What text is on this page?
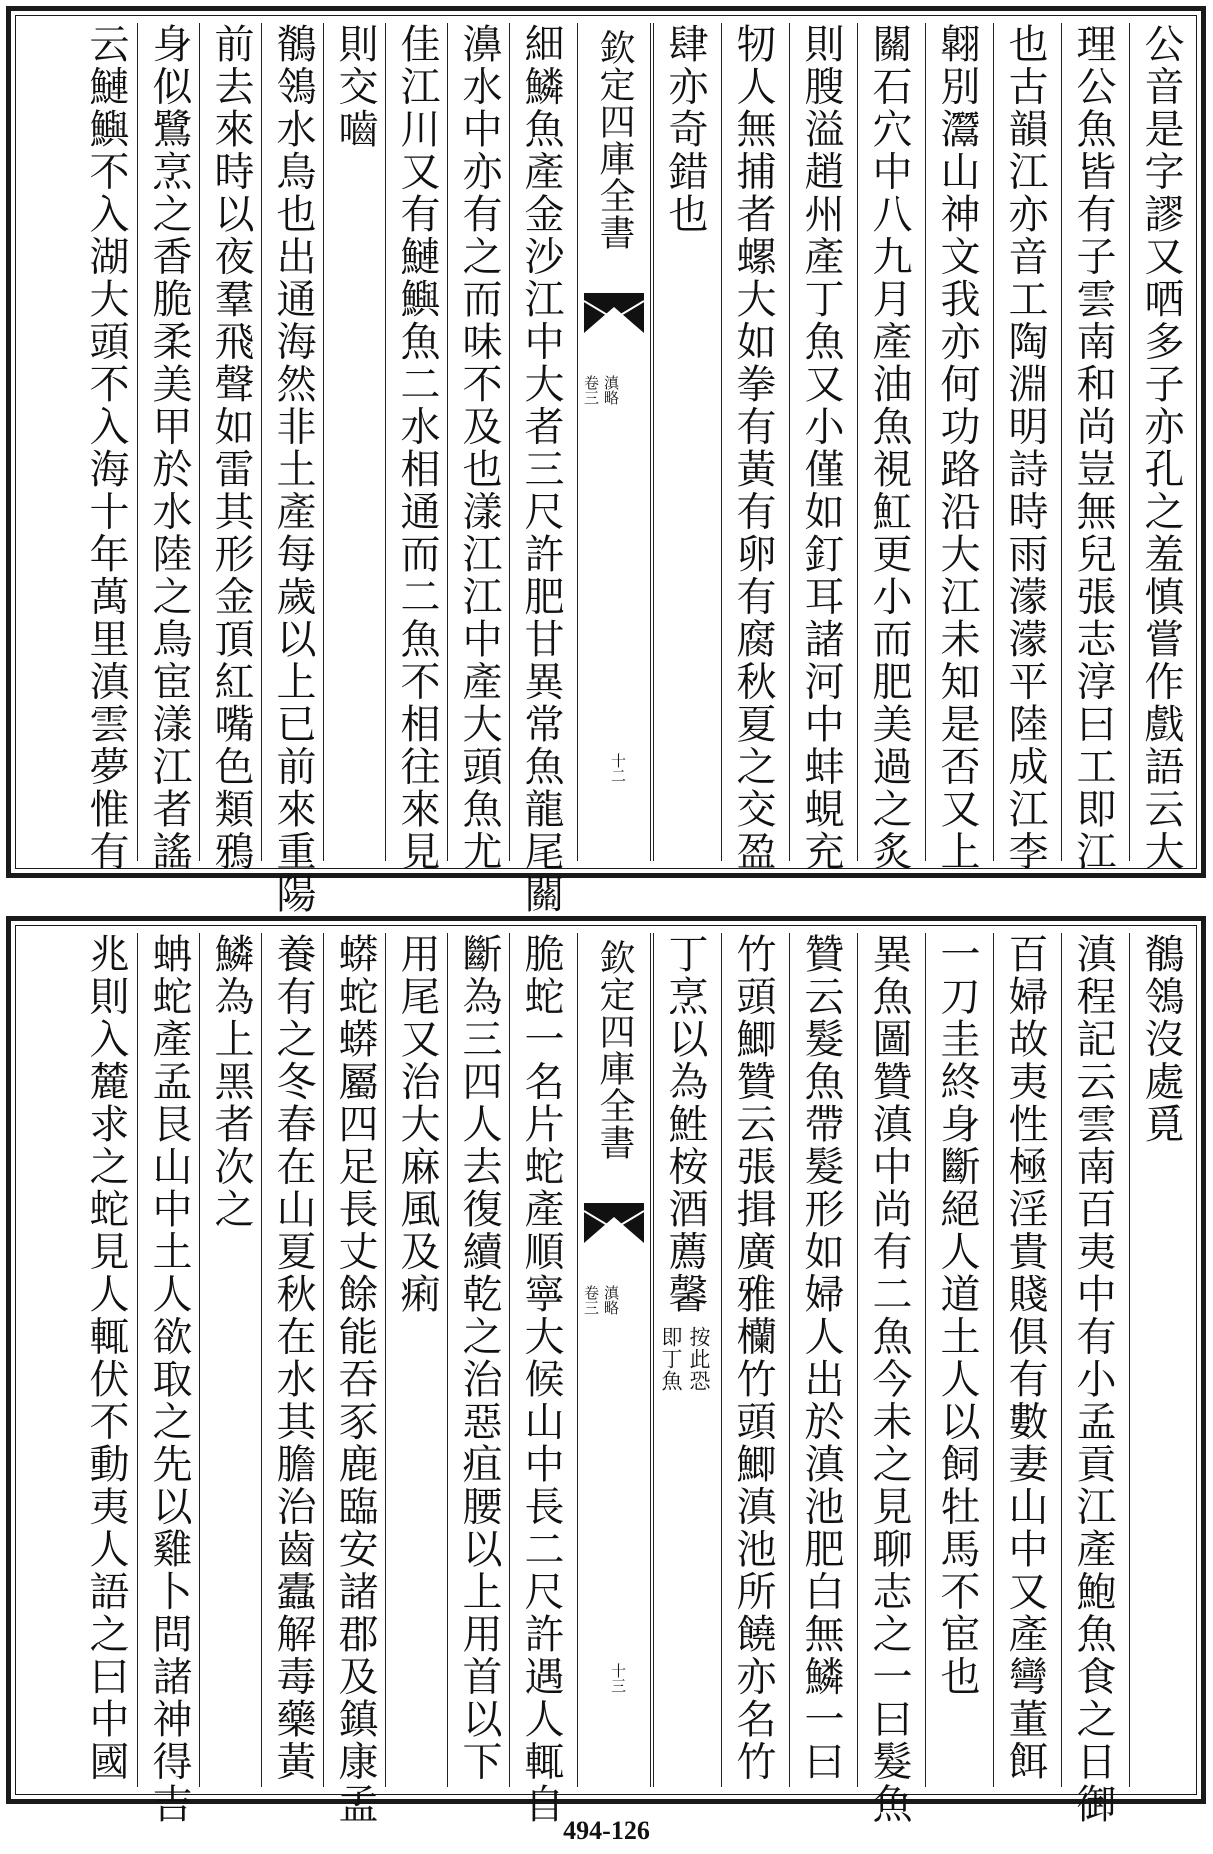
公音是字謬又哂多子亦孔之羞慎嘗作戲語云大
理公魚皆有子雲南和尚豈無兒張志淳曰工即江
也古韻江亦音工陶淵明詩時雨濛濛平陸成江李
翺別灊山神文我亦何功路沿大江未知是否又上
關石穴中八九月產油魚視魟更小而肥美過之炙
則膄溢趙州產丁魚又小僅如釘耳諸河中蚌蜆充
牣人無捕者螺大如拳有黃有卵有腐秋夏之交盈
肆亦奇錯也
欽定四庫全書
滇略
卷三
十二
細鱗魚產金沙江中大者三尺許肥甘異常魚龍尾關
濞水中亦有之而味不及也漾江江中產大頭魚尤
佳江川又有鰱鱮魚二水相通而二魚不相往來見
則交嚙
鶺鴒水鳥也出通海然非土產每歲以上已前來重陽
前去來時以夜羣飛聲如雷其形金頂紅嘴色類鴉
身似鷺烹之香脆柔美甲於水陸之鳥宦漾江者謠
云鰱鱮不入湖大頭不入海十年萬里滇雲夢惟有
鶺鴒沒處覓
滇程記云雲南百夷中有小孟貢江產鮑魚食之日御
百婦故夷性極淫貴賤俱有數妻山中又產彎董餌
一刀圭終身斷絕人道土人以飼牡馬不宦也
異魚圖贊滇中尚有二魚今未之見聊志之一曰髮魚
贊云髮魚帶髮形如婦人出於滇池肥白無鱗一曰
竹頭鯽贊云張揖廣雅欗竹頭鯽滇池所饒亦名竹
丁烹以為鮏桉酒薦馨
按此恐
即丁魚
欽定四庫全書
滇略
卷三
十三
脆蛇一名片蛇產順寧大候山中長二尺許遇人輒自
斷為三四人去復續乾之治惡疽腰以上用首以下
用尾又治大麻風及痢
蟒蛇蟒屬四足長丈餘能吞豕鹿臨安諸郡及鎮康孟
養有之冬春在山夏秋在水其膽治齒蠹解毒藥黃
鱗為上黑者次之
蚺蛇產孟艮山中土人欲取之先以雞卜問諸神得吉
兆則入麓求之蛇見人輒伏不動夷人語之曰中國
494-126
